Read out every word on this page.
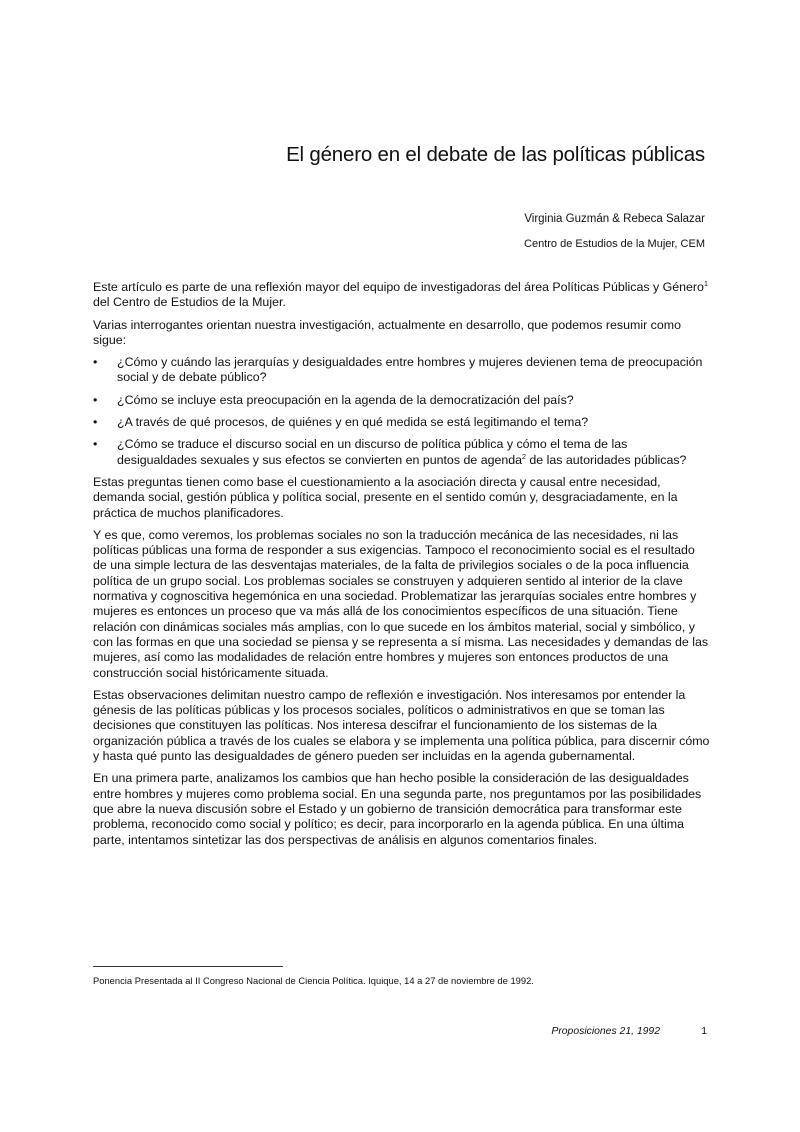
El género en el debate de las políticas públicas
Virginia Guzmán & Rebeca Salazar
Centro de Estudios de la Mujer, CEM

Este artículo es parte de una reflexión mayor del equipo de investigadoras del área Políticas Públicas y Género$^1$ del Centro de Estudios de la Mujer.

Varias interrogantes orientan nuestra investigación, actualmente en desarrollo, que podemos resumir como sigue:

• ¿Cómo y cuándo las jerarquías y desigualdades entre hombres y mujeres devienen tema de preocupación social y de debate público?
• ¿Cómo se incluye esta preocupación en la agenda de la democratización del país?
• ¿A través de qué procesos, de quiénes y en qué medida se está legitimando el tema?
• ¿Cómo se traduce el discurso social en un discurso de política pública y cómo el tema de las desigualdades sexuales y sus efectos se convierten en puntos de agenda$^2$ de las autoridades públicas?

Estas preguntas tienen como base el cuestionamiento a la asociación directa y causal entre necesidad, demanda social, gestión pública y política social, presente en el sentido común y, desgraciadamente, en la práctica de muchos planificadores.

Y es que, como veremos, los problemas sociales no son la traducción mecánica de las necesidades, ni las políticas públicas una forma de responder a sus exigencias. Tampoco el reconocimiento social es el resultado de una simple lectura de las desventajas materiales, de la falta de privilegios sociales o de la poca influencia política de un grupo social. Los problemas sociales se construyen y adquieren sentido al interior de la clave normativa y cognoscitiva hegemónica en una sociedad. Problematizar las jerarquías sociales entre hombres y mujeres es entonces un proceso que va más allá de los conocimientos específicos de una situación. Tiene relación con dinámicas sociales más amplias, con lo que sucede en los ámbitos material, social y simbólico, y con las formas en que una sociedad se piensa y se representa a sí misma. Las necesidades y demandas de las mujeres, así como las modalidades de relación entre hombres y mujeres son entonces productos de una construcción social históricamente situada.

Estas observaciones delimitan nuestro campo de reflexión e investigación. Nos interesamos por entender la génesis de las políticas públicas y los procesos sociales, políticos o administrativos en que se toman las decisiones que constituyen las políticas. Nos interesa descifrar el funcionamiento de los sistemas de la organización pública a través de los cuales se elabora y se implementa una política pública, para discernir cómo y hasta qué punto las desigualdades de género pueden ser incluidas en la agenda gubernamental.

En una primera parte, analizamos los cambios que han hecho posible la consideración de las desigualdades entre hombres y mujeres como problema social. En una segunda parte, nos preguntamos por las posibilidades que abre la nueva discusión sobre el Estado y un gobierno de transición democrática para transformar este problema, reconocido como social y político; es decir, para incorporarlo en la agenda pública. En una última parte, intentamos sintetizar las dos perspectivas de análisis en algunos comentarios finales.

Ponencia Presentada al II Congreso Nacional de Ciencia Política. Iquique, 14 a 27 de noviembre de 1992.
Proposiciones 21, 1992	1
